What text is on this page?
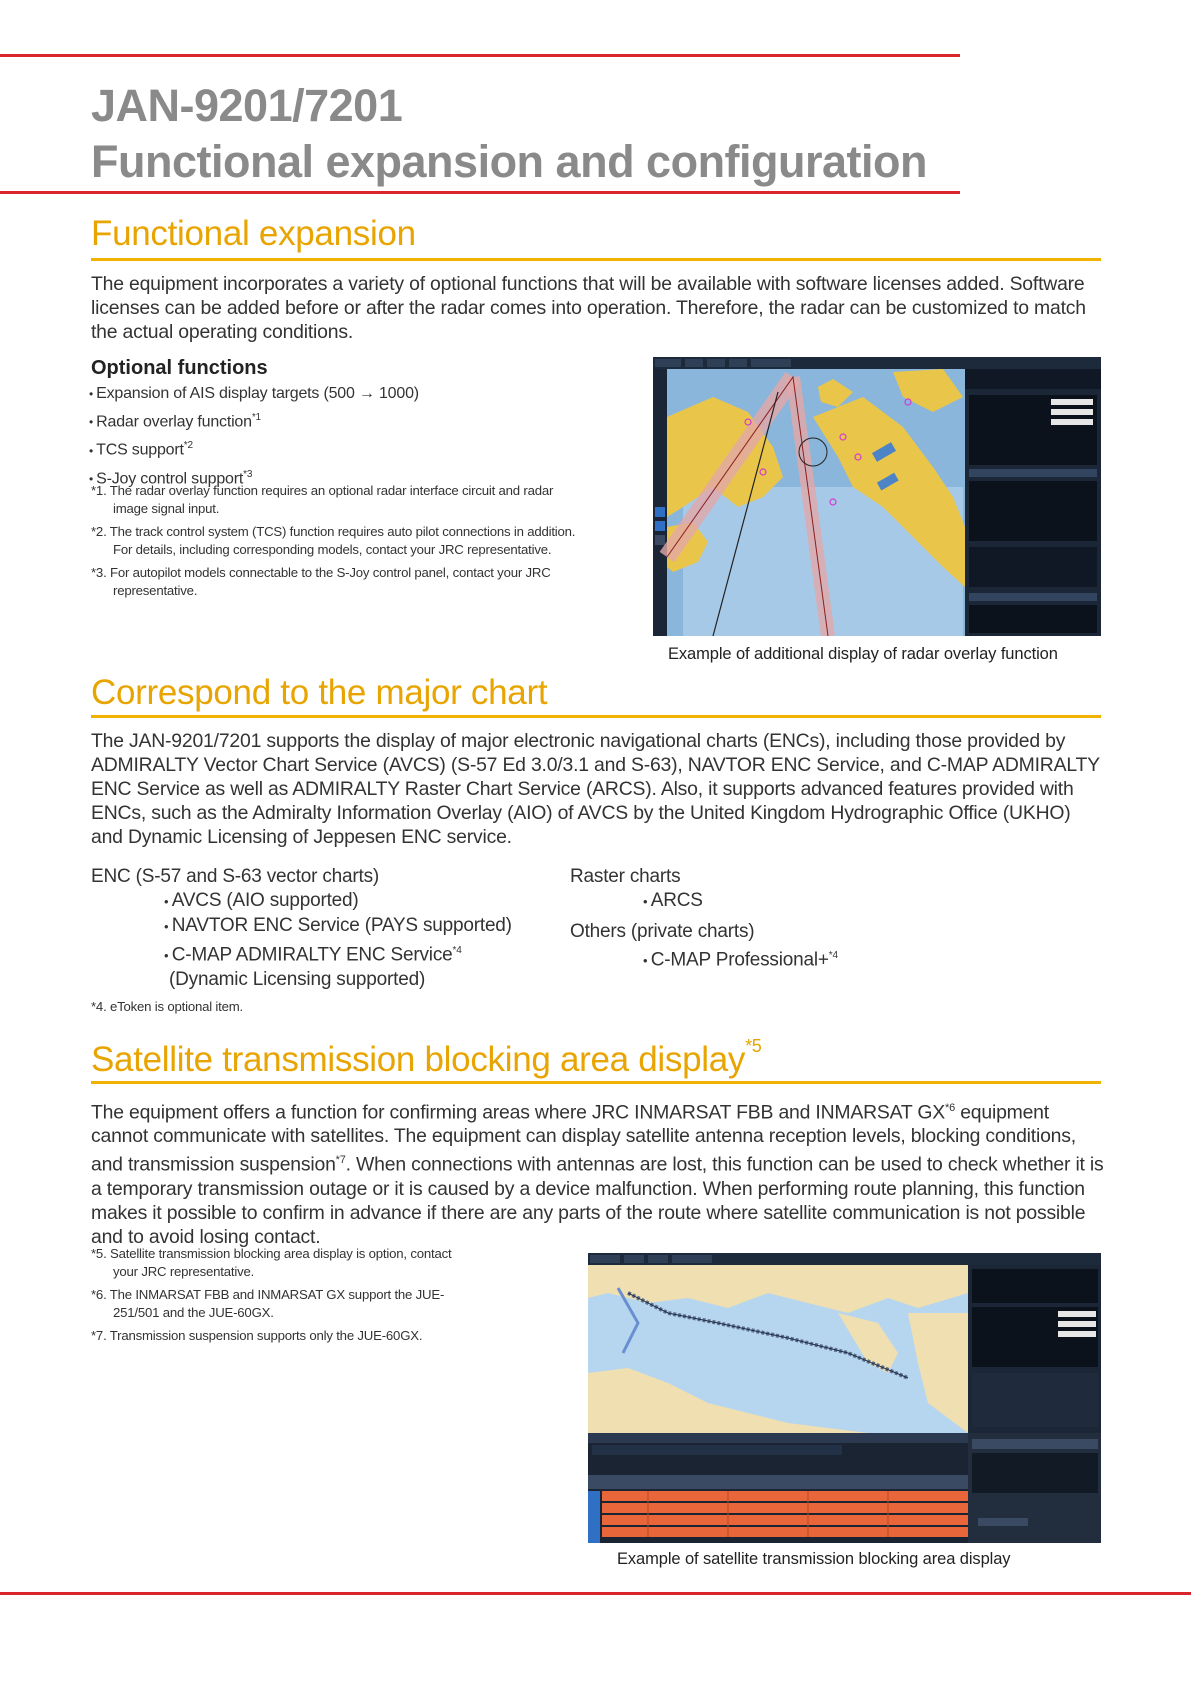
JAN-9201/7201
Functional expansion and configuration
Functional expansion
The equipment incorporates a variety of optional functions that will be available with software licenses added. Software licenses can be added before or after the radar comes into operation. Therefore, the radar can be customized to match the actual operating conditions.
Optional functions
• Expansion of AIS display targets (500 → 1000)
• Radar overlay function$^{*1}$
• TCS support$^{*2}$
• S-Joy control support$^{*3}$
*1. The radar overlay function requires an optional radar interface circuit and radar image signal input.
*2. The track control system (TCS) function requires auto pilot connections in addition. For details, including corresponding models, contact your JRC representative.
*3. For autopilot models connectable to the S-Joy control panel, contact your JRC representative.
Example of additional display of radar overlay function
Correspond to the major chart
The JAN-9201/7201 supports the display of major electronic navigational charts (ENCs), including those provided by ADMIRALTY Vector Chart Service (AVCS) (S-57 Ed 3.0/3.1 and S-63), NAVTOR ENC Service, and C-MAP ADMIRALTY ENC Service as well as ADMIRALTY Raster Chart Service (ARCS). Also, it supports advanced features provided with ENCs, such as the Admiralty Information Overlay (AIO) of AVCS by the United Kingdom Hydrographic Office (UKHO) and Dynamic Licensing of Jeppesen ENC service.
ENC (S-57 and S-63 vector charts)
• AVCS (AIO supported)
• NAVTOR ENC Service (PAYS supported)
• C-MAP ADMIRALTY ENC Service$^{*4}$
(Dynamic Licensing supported)
Raster charts
• ARCS
Others (private charts)
• C-MAP Professional+$^{*4}$
*4. eToken is optional item.
Satellite transmission blocking area display$^{*5}$
The equipment offers a function for confirming areas where JRC INMARSAT FBB and INMARSAT GX$^{*6}$ equipment cannot communicate with satellites. The equipment can display satellite antenna reception levels, blocking conditions, and transmission suspension$^{*7}$. When connections with antennas are lost, this function can be used to check whether it is a temporary transmission outage or it is caused by a device malfunction. When performing route planning, this function makes it possible to confirm in advance if there are any parts of the route where satellite communication is not possible and to avoid losing contact.
*5. Satellite transmission blocking area display is option, contact your JRC representative.
*6. The INMARSAT FBB and INMARSAT GX support the JUE-251/501 and the JUE-60GX.
*7. Transmission suspension supports only the JUE-60GX.
Example of satellite transmission blocking area display
